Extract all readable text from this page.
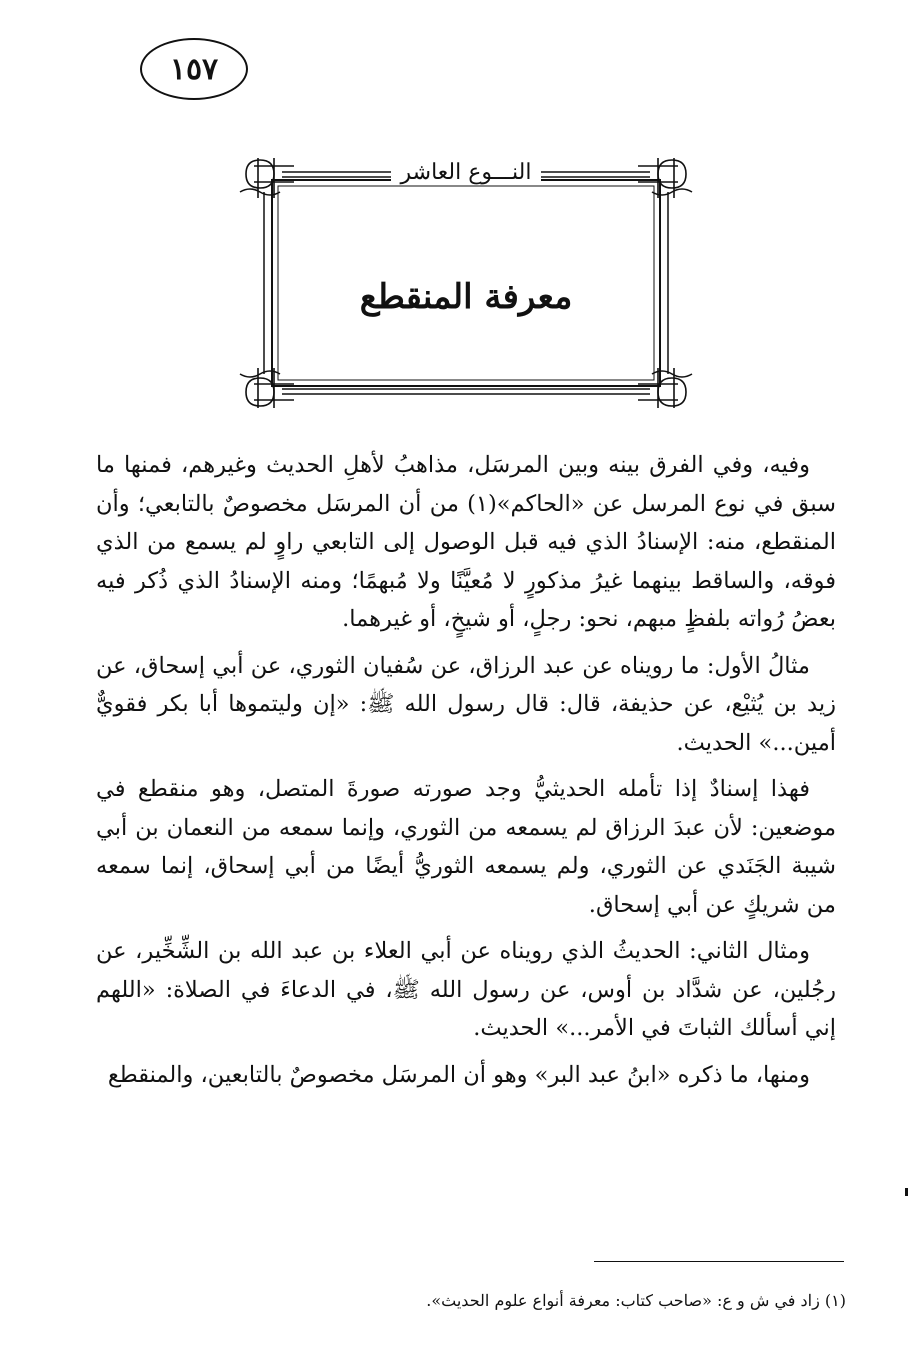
١٥٧
النـــوع العاشر
معرفة المنقطع

وفيه، وفي الفرق بينه وبين المرسَل، مذاهبُ لأهلِ الحديث وغيرهم، فمنها ما سبق في نوع المرسل عن «الحاكم»(١) من أن المرسَل مخصوصٌ بالتابعي؛ وأن المنقطع، منه: الإسنادُ الذي فيه قبل الوصول إلى التابعي راوٍ لم يسمع من الذي فوقه، والساقط بينهما غيرُ مذكورٍ لا مُعيَّنًا ولا مُبهمًا؛ ومنه الإسنادُ الذي ذُكر فيه بعضُ رُواته بلفظٍ مبهم، نحو: رجلٍ، أو شيخٍ، أو غيرهما.

مثالُ الأول: ما رويناه عن عبد الرزاق، عن سُفيان الثوري، عن أبي إسحاق، عن زيد بن يُثيْع، عن حذيفة، قال: قال رسول الله ﷺ: «إن وليتموها أبا بكر فقويٌّ أمين...» الحديث.

فهذا إسنادٌ إذا تأمله الحديثيُّ وجد صورته صورةَ المتصل، وهو منقطع في موضعين: لأن عبدَ الرزاق لم يسمعه من الثوري، وإنما سمعه من النعمان بن أبي شيبة الجَنَدي عن الثوري، ولم يسمعه الثوريُّ أيضًا من أبي إسحاق، إنما سمعه من شريكٍ عن أبي إسحاق.

ومثال الثاني: الحديثُ الذي رويناه عن أبي العلاء بن عبد الله بن الشِّخِّير، عن رجُلين، عن شدَّاد بن أوس، عن رسول الله ﷺ، في الدعاءَ في الصلاة: «اللهم إني أسألك الثباتَ في الأمر...» الحديث.

ومنها، ما ذكره «ابنُ عبد البر» وهو أن المرسَل مخصوصٌ بالتابعين، والمنقطع

(١) زاد في ش و ع: «صاحب كتاب: معرفة أنواع علوم الحديث».
